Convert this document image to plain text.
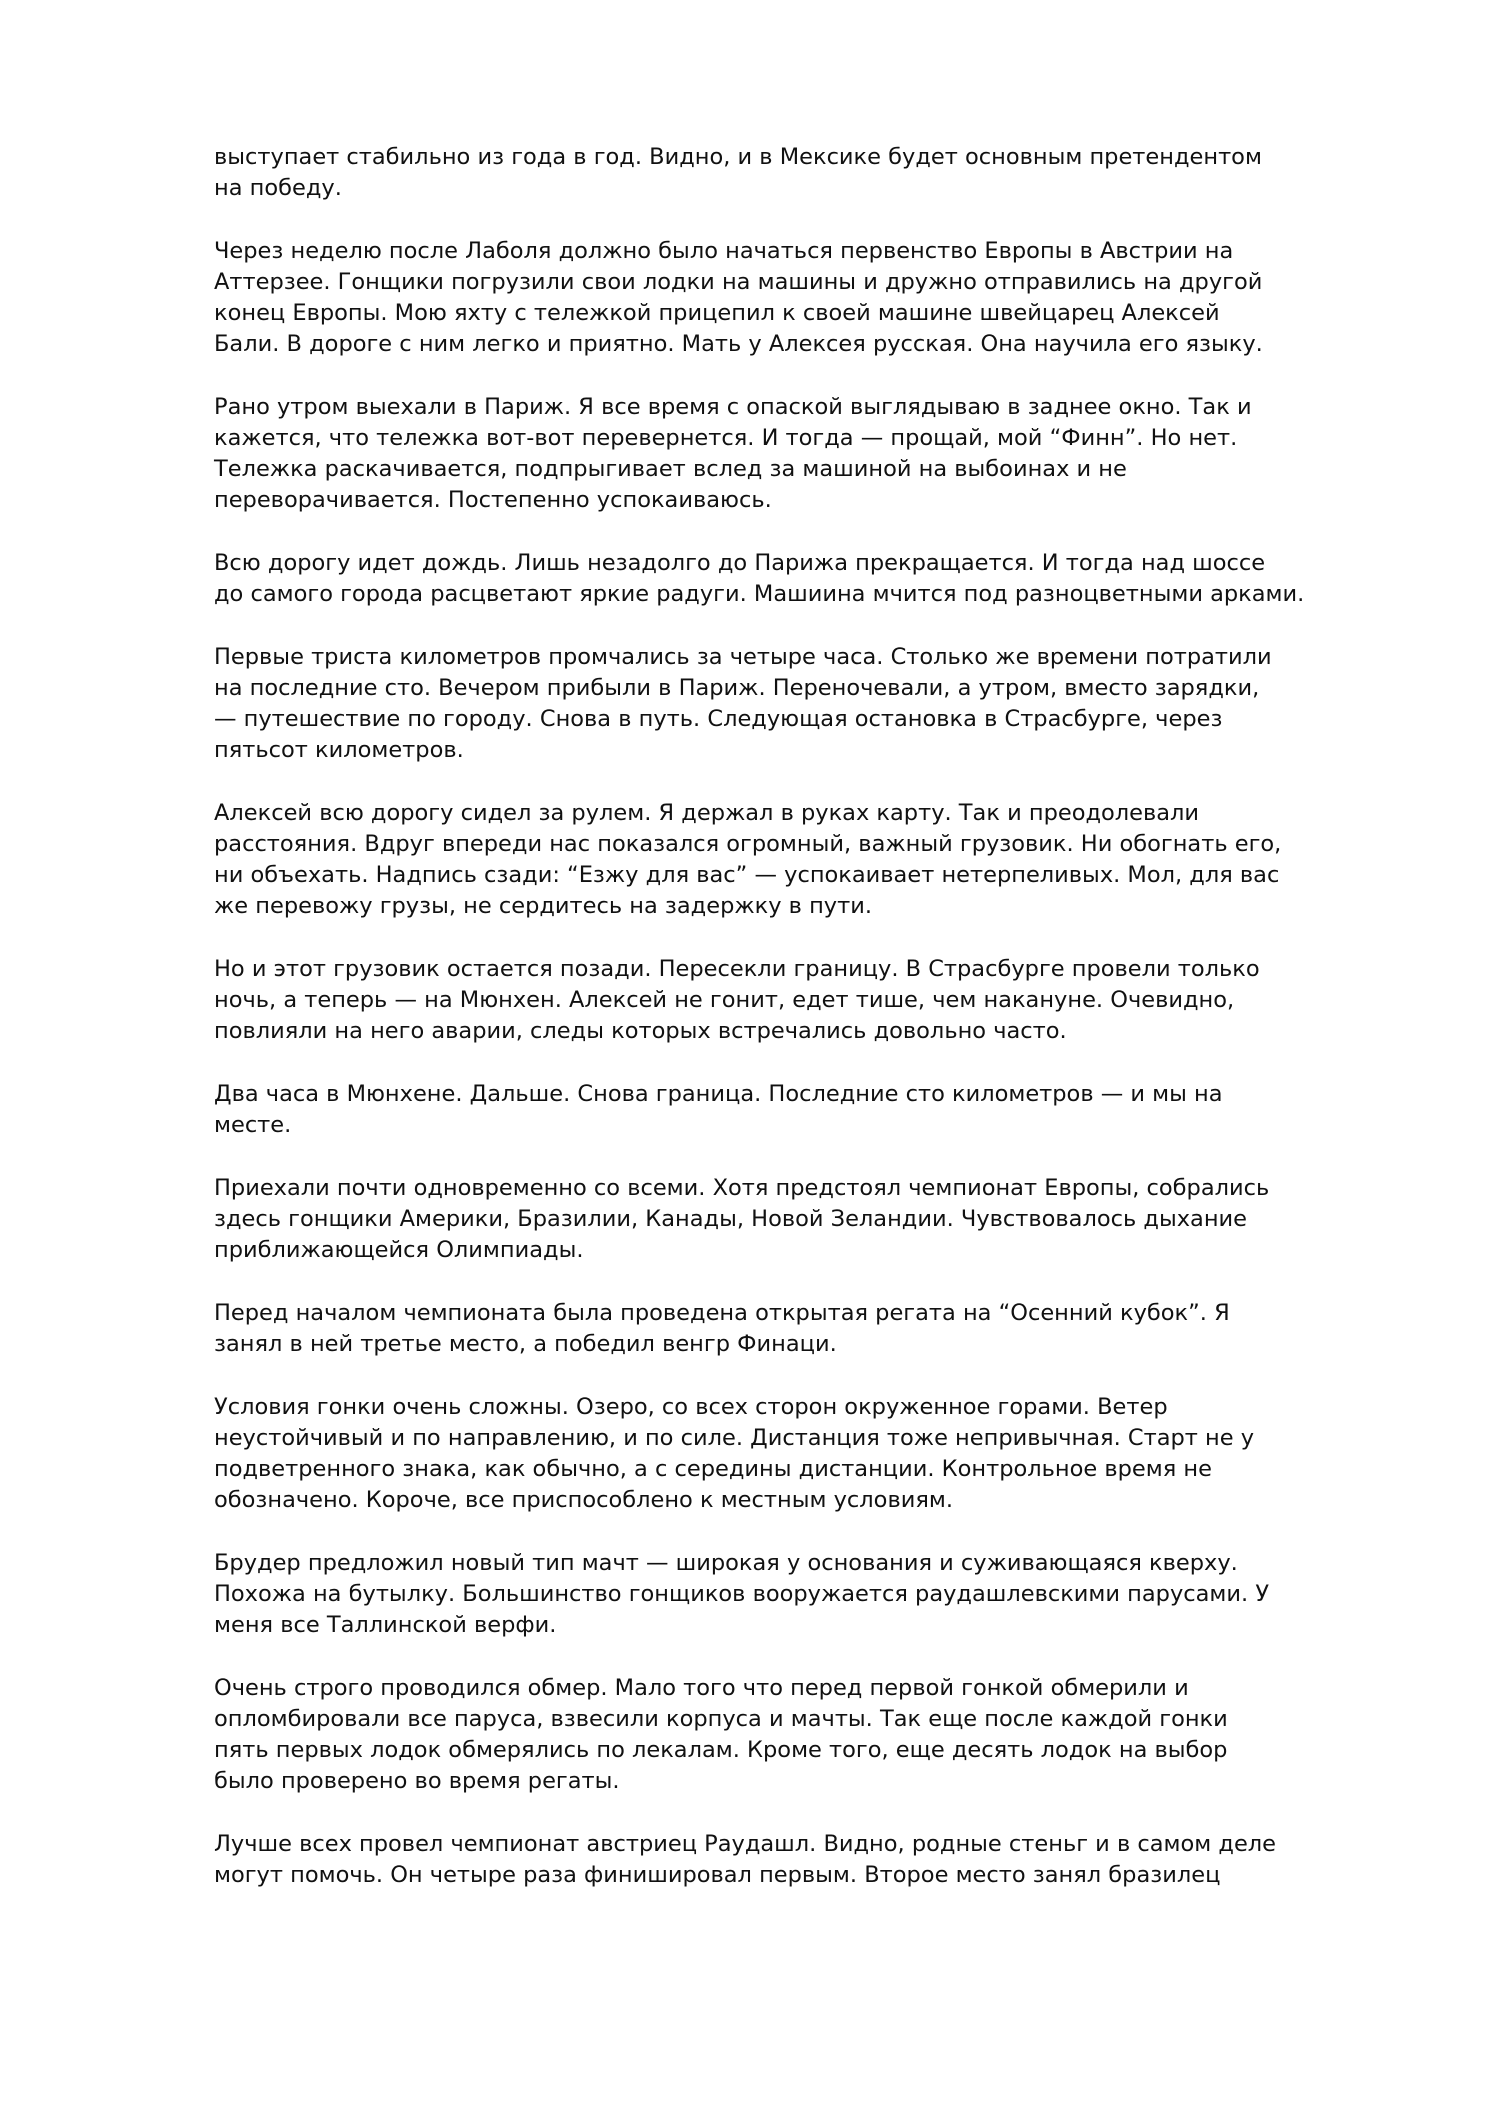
выступает стабильно из года в год. Видно, и в Мексике будет основным претендентом
на победу.

Через неделю после Лаболя должно было начаться первенство Европы в Австрии на
Аттерзее. Гонщики погрузили свои лодки на машины и дружно отправились на другой
конец Европы. Мою яхту с тележкой прицепил к своей машине швейцарец Алексей
Бали. В дороге с ним легко и приятно. Мать у Алексея русская. Она научила его языку.

Рано утром выехали в Париж. Я все время с опаской выглядываю в заднее окно. Так и
кажется, что тележка вот-вот перевернется. И тогда — прощай, мой “Финн”. Но нет.
Тележка раскачивается, подпрыгивает вслед за машиной на выбоинах и не
переворачивается. Постепенно успокаиваюсь.

Всю дорогу идет дождь. Лишь незадолго до Парижа прекращается. И тогда над шоссе
до самого города расцветают яркие радуги. Машиина мчится под разноцветными арками.

Первые триста километров промчались за четыре часа. Столько же времени потратили
на последние сто. Вечером прибыли в Париж. Переночевали, а утром, вместо зарядки,
— путешествие по городу. Снова в путь. Следующая остановка в Страсбурге, через
пятьсот километров.

Алексей всю дорогу сидел за рулем. Я держал в руках карту. Так и преодолевали
расстояния. Вдруг впереди нас показался огромный, важный грузовик. Ни обогнать его,
ни объехать. Надпись сзади: “Езжу для вас” — успокаивает нетерпеливых. Мол, для вас
же перевожу грузы, не сердитесь на задержку в пути.

Но и этот грузовик остается позади. Пересекли границу. В Страсбурге провели только
ночь, а теперь — на Мюнхен. Алексей не гонит, едет тише, чем накануне. Очевидно,
повлияли на него аварии, следы которых встречались довольно часто.

Два часа в Мюнхене. Дальше. Снова граница. Последние сто километров — и мы на
месте.

Приехали почти одновременно со всеми. Хотя предстоял чемпионат Европы, собрались
здесь гонщики Америки, Бразилии, Канады, Новой Зеландии. Чувствовалось дыхание
приближающейся Олимпиады.

Перед началом чемпионата была проведена открытая регата на “Осенний кубок”. Я
занял в ней третье место, а победил венгр Финаци.

Условия гонки очень сложны. Озеро, со всех сторон окруженное горами. Ветер
неустойчивый и по направлению, и по силе. Дистанция тоже непривычная. Старт не у
подветренного знака, как обычно, а с середины дистанции. Контрольное время не
обозначено. Короче, все приспособлено к местным условиям.

Брудер предложил новый тип мачт — широкая у основания и суживающаяся кверху.
Похожа на бутылку. Большинство гонщиков вооружается раудашлевскими парусами. У
меня все Таллинской верфи.

Очень строго проводился обмер. Мало того что перед первой гонкой обмерили и
опломбировали все паруса, взвесили корпуса и мачты. Так еще после каждой гонки
пять первых лодок обмерялись по лекалам. Кроме того, еще десять лодок на выбор
было проверено во время регаты.

Лучше всех провел чемпионат австриец Раудашл. Видно, родные стеньг и в самом деле
могут помочь. Он четыре раза финишировал первым. Второе место занял бразилец
